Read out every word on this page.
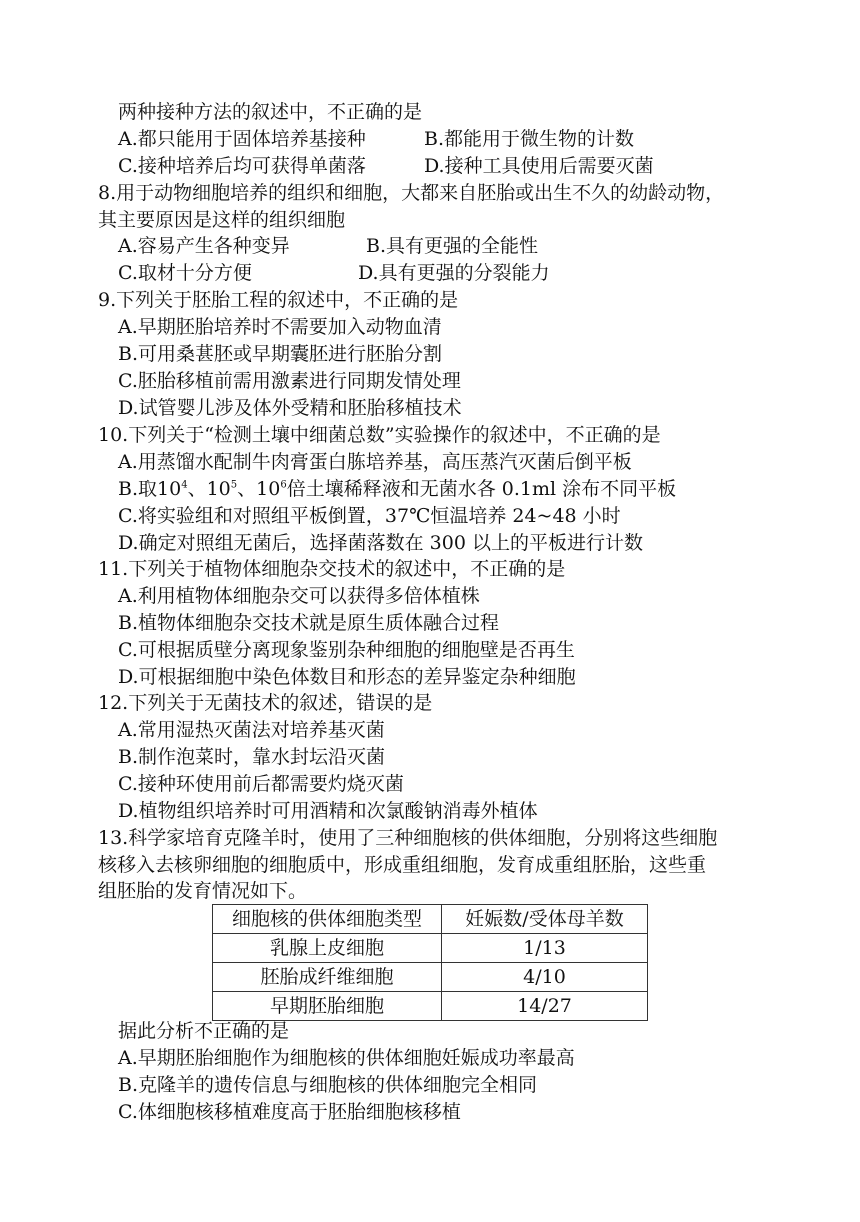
两种接种方法的叙述中，不正确的是
A.都只能用于固体培养基接种	B.都能用于微生物的计数
C.接种培养后均可获得单菌落	D.接种工具使用后需要灭菌
8.用于动物细胞培养的组织和细胞，大都来自胚胎或出生不久的幼龄动物，
其主要原因是这样的组织细胞
A.容易产生各种变异	B.具有更强的全能性
C.取材十分方便	D.具有更强的分裂能力
9.下列关于胚胎工程的叙述中，不正确的是
A.早期胚胎培养时不需要加入动物血清
B.可用桑葚胚或早期囊胚进行胚胎分割
C.胚胎移植前需用激素进行同期发情处理
D.试管婴儿涉及体外受精和胚胎移植技术
10.下列关于“检测土壤中细菌总数”实验操作的叙述中，不正确的是
A.用蒸馏水配制牛肉膏蛋白胨培养基，高压蒸汽灭菌后倒平板
B.取$10^4$、$10^5$、$10^6$倍土壤稀释液和无菌水各 0.1ml 涂布不同平板
C.将实验组和对照组平板倒置，37℃恒温培养 24~48 小时
D.确定对照组无菌后，选择菌落数在 300 以上的平板进行计数
11.下列关于植物体细胞杂交技术的叙述中，不正确的是
A.利用植物体细胞杂交可以获得多倍体植株
B.植物体细胞杂交技术就是原生质体融合过程
C.可根据质壁分离现象鉴别杂种细胞的细胞壁是否再生
D.可根据细胞中染色体数目和形态的差异鉴定杂种细胞
12.下列关于无菌技术的叙述，错误的是
A.常用湿热灭菌法对培养基灭菌
B.制作泡菜时，靠水封坛沿灭菌
C.接种环使用前后都需要灼烧灭菌
D.植物组织培养时可用酒精和次氯酸钠消毒外植体
13.科学家培育克隆羊时，使用了三种细胞核的供体细胞，分别将这些细胞
核移入去核卵细胞的细胞质中，形成重组细胞，发育成重组胚胎，这些重
组胚胎的发育情况如下。
细胞核的供体细胞类型	妊娠数/受体母羊数
乳腺上皮细胞	1/13
胚胎成纤维细胞	4/10
早期胚胎细胞	14/27
据此分析不正确的是
A.早期胚胎细胞作为细胞核的供体细胞妊娠成功率最高
B.克隆羊的遗传信息与细胞核的供体细胞完全相同
C.体细胞核移植难度高于胚胎细胞核移植
